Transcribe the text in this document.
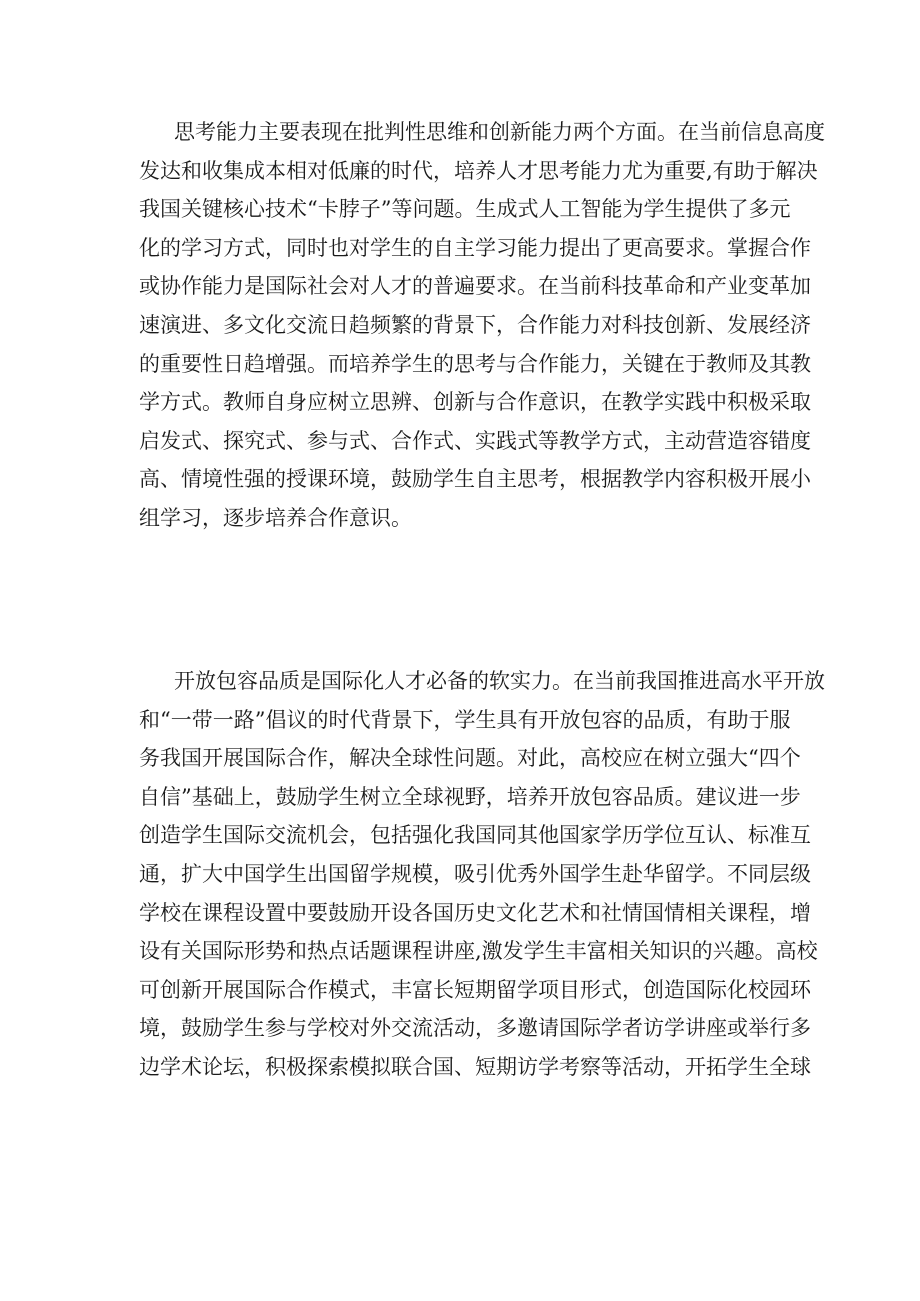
思考能力主要表现在批判性思维和创新能力两个方面。在当前信息高度
发达和收集成本相对低廉的时代，培养人才思考能力尤为重要,有助于解决
我国关键核心技术“卡脖子”等问题。生成式人工智能为学生提供了多元
化的学习方式，同时也对学生的自主学习能力提出了更高要求。掌握合作
或协作能力是国际社会对人才的普遍要求。在当前科技革命和产业变革加
速演进、多文化交流日趋频繁的背景下，合作能力对科技创新、发展经济
的重要性日趋增强。而培养学生的思考与合作能力，关键在于教师及其教
学方式。教师自身应树立思辨、创新与合作意识，在教学实践中积极采取
启发式、探究式、参与式、合作式、实践式等教学方式，主动营造容错度
高、情境性强的授课环境，鼓励学生自主思考，根据教学内容积极开展小
组学习，逐步培养合作意识。
开放包容品质是国际化人才必备的软实力。在当前我国推进高水平开放
和“一带一路”倡议的时代背景下，学生具有开放包容的品质，有助于服
务我国开展国际合作，解决全球性问题。对此，高校应在树立强大“四个
自信”基础上，鼓励学生树立全球视野，培养开放包容品质。建议进一步
创造学生国际交流机会，包括强化我国同其他国家学历学位互认、标准互
通，扩大中国学生出国留学规模，吸引优秀外国学生赴华留学。不同层级
学校在课程设置中要鼓励开设各国历史文化艺术和社情国情相关课程，增
设有关国际形势和热点话题课程讲座,激发学生丰富相关知识的兴趣。高校
可创新开展国际合作模式，丰富长短期留学项目形式，创造国际化校园环
境，鼓励学生参与学校对外交流活动，多邀请国际学者访学讲座或举行多
边学术论坛，积极探索模拟联合国、短期访学考察等活动，开拓学生全球
